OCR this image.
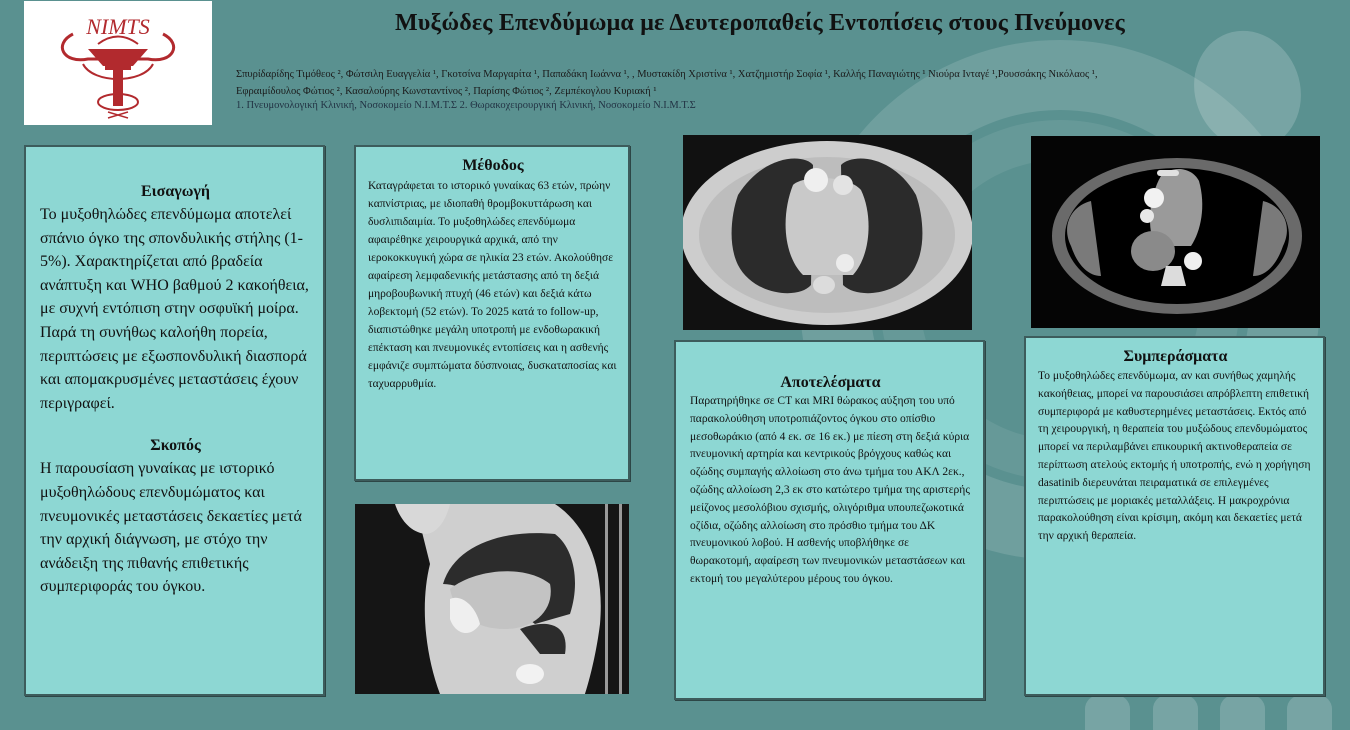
NIMTS	Μυξώδες Επενδύμωμα με Δευτεροπαθείς Εντοπίσεις στους Πνεύμονες
Σπυρίδαρίδης Τιμόθεος ², Φώτσιλη Ευαγγελία ¹, Γκοτσίνα Μαργαρίτα ¹, Παπαδάκη Ιωάννα ¹, , Μυστακίδη Χριστίνα ¹, Χατζημιστήρ Σοφία ¹, Καλλής Παναγιώτης ¹ Νιούρα Ινταγέ ¹,Ρουσσάκης Νικόλαος ¹,
Εφραιμίδουλος Φώτιος ², Κασαλούρης Κωνσταντίνος ², Παρίσης Φώτιος ², Ζεμπέκογλου Κυριακή ¹
1. Πνευμονολογική Κλινική, Νοσοκομείο Ν.Ι.Μ.Τ.Σ 2. Θωρακοχειρουργική Κλινική, Νοσοκομείο Ν.Ι.Μ.Τ.Σ
Εισαγωγή

Το μυξοθηλώδες επενδύμωμα αποτελεί σπάνιο όγκο της σπονδυλικής στήλης (1-5%). Χαρακτηρίζεται από βραδεία ανάπτυξη και WHO βαθμού 2 κακοήθεια, με συχνή εντόπιση στην οσφυϊκή μοίρα. Παρά τη συνήθως καλοήθη πορεία, περιπτώσεις με εξωσπονδυλική διασπορά και απομακρυσμένες μεταστάσεις έχουν περιγραφεί.

Σκοπός

Η παρουσίαση γυναίκας με ιστορικό μυξοθηλώδους επενδυμώματος και πνευμονικές μεταστάσεις δεκαετίες μετά την αρχική διάγνωση, με στόχο την ανάδειξη της πιθανής επιθετικής συμπεριφοράς του όγκου.

Μέθοδος

Καταγράφεται το ιστορικό γυναίκας 63 ετών, πρώην καπνίστριας, με ιδιοπαθή θρομβοκυττάρωση και δυσλιπιδαιμία. Το μυξοθηλώδες επενδύμωμα αφαιρέθηκε χειρουργικά αρχικά, από την ιεροκοκκυγική χώρα σε ηλικία 23 ετών. Ακολούθησε αφαίρεση λεμφαδενικής μετάστασης από τη δεξιά μηροβουβωνική πτυχή (46 ετών) και δεξιά κάτω λοβεκτομή (52 ετών). Το 2025 κατά το follow-up, διαπιστώθηκε μεγάλη υποτροπή με ενδοθωρακική επέκταση και πνευμονικές εντοπίσεις και η ασθενής εμφάνιζε συμπτώματα δύσπνοιας, δυσκαταποσίας και ταχυαρρυθμία.	Αποτελέσματα

Παρατηρήθηκε σε CT και MRI θώρακος αύξηση του υπό παρακολούθηση υποτροπιάζοντος όγκου στο οπίσθιο μεσοθωράκιο (από 4 εκ. σε 16 εκ.) με πίεση στη δεξιά κύρια πνευμονική αρτηρία και κεντρικούς βρόγχους καθώς και οζώδης συμπαγής αλλοίωση στο άνω τμήμα του ΑΚΛ 2εκ., οζώδης αλλοίωση 2,3 εκ στο κατώτερο τμήμα της αριστερής μείζονος μεσολόβιου σχισμής, ολιγόριθμα υπουπεζωκοτικά οζίδια, οζώδης αλλοίωση στο πρόσθιο τμήμα του ΔΚ πνευμονικού λοβού. Η ασθενής υποβλήθηκε σε θωρακοτομή, αφαίρεση των πνευμονικών μεταστάσεων και εκτομή του μεγαλύτερου μέρους του όγκου.

Συμπεράσματα

Το μυξοθηλώδες επενδύμωμα, αν και συνήθως χαμηλής κακοήθειας, μπορεί να παρουσιάσει απρόβλεπτη επιθετική συμπεριφορά με καθυστερημένες μεταστάσεις. Εκτός από τη χειρουργική, η θεραπεία του μυξώδους επενδυμώματος μπορεί να περιλαμβάνει επικουρική ακτινοθεραπεία σε περίπτωση ατελούς εκτομής ή υποτροπής, ενώ η χορήγηση dasatinib διερευνάται πειραματικά σε επιλεγμένες περιπτώσεις με μοριακές μεταλλάξεις. Η μακροχρόνια παρακολούθηση είναι κρίσιμη, ακόμη και δεκαετίες μετά την αρχική θεραπεία.
